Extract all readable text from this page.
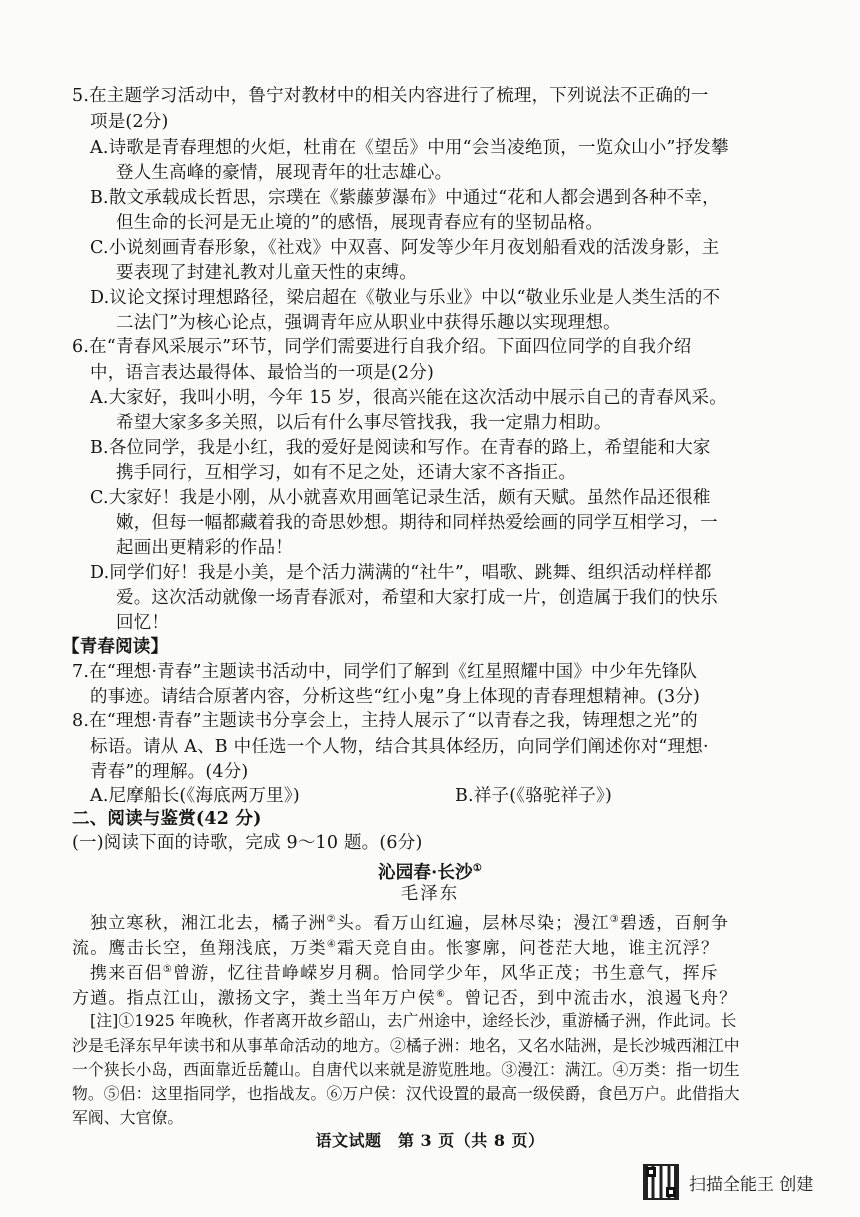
5.在主题学习活动中，鲁宁对教材中的相关内容进行了梳理，下列说法不正确的一
项是(2分)
A.诗歌是青春理想的火炬，杜甫在《望岳》中用“会当凌绝顶，一览众山小”抒发攀
登人生高峰的豪情，展现青年的壮志雄心。
B.散文承载成长哲思，宗璞在《紫藤萝瀑布》中通过“花和人都会遇到各种不幸，
但生命的长河是无止境的”的感悟，展现青春应有的坚韧品格。
C.小说刻画青春形象，《社戏》中双喜、阿发等少年月夜划船看戏的活泼身影，主
要表现了封建礼教对儿童天性的束缚。
D.议论文探讨理想路径，梁启超在《敬业与乐业》中以“敬业乐业是人类生活的不
二法门”为核心论点，强调青年应从职业中获得乐趣以实现理想。
6.在“青春风采展示”环节，同学们需要进行自我介绍。下面四位同学的自我介绍
中，语言表达最得体、最恰当的一项是(2分)
A.大家好，我叫小明，今年 15 岁，很高兴能在这次活动中展示自己的青春风采。
希望大家多多关照，以后有什么事尽管找我，我一定鼎力相助。
B.各位同学，我是小红，我的爱好是阅读和写作。在青春的路上，希望能和大家
携手同行，互相学习，如有不足之处，还请大家不吝指正。
C.大家好！我是小刚，从小就喜欢用画笔记录生活，颇有天赋。虽然作品还很稚
嫩，但每一幅都藏着我的奇思妙想。期待和同样热爱绘画的同学互相学习，一
起画出更精彩的作品！
D.同学们好！我是小美，是个活力满满的“社牛”，唱歌、跳舞、组织活动样样都
爱。这次活动就像一场青春派对，希望和大家打成一片，创造属于我们的快乐
回忆！
【青春阅读】
7.在“理想·青春”主题读书活动中，同学们了解到《红星照耀中国》中少年先锋队
的事迹。请结合原著内容，分析这些“红小鬼”身上体现的青春理想精神。(3分)
8.在“理想·青春”主题读书分享会上，主持人展示了“以青春之我，铸理想之光”的
标语。请从 A、B 中任选一个人物，结合其具体经历，向同学们阐述你对“理想·
青春”的理解。(4分)
A.尼摩船长(《海底两万里》)	B.祥子(《骆驼祥子》)
二、阅读与鉴赏(42 分)
(一)阅读下面的诗歌，完成 9～10 题。(6分)
沁园春·长沙①
毛泽东
独立寒秋，湘江北去，橘子洲②头。看万山红遍，层林尽染；漫江③碧透，百舸争
流。鹰击长空，鱼翔浅底，万类④霜天竞自由。怅寥廓，问苍茫大地，谁主沉浮？
携来百侣⑤曾游，忆往昔峥嵘岁月稠。恰同学少年，风华正茂；书生意气，挥斥
方遒。指点江山，激扬文字，粪土当年万户侯⑥。曾记否，到中流击水，浪遏飞舟？
[注]①1925 年晚秋，作者离开故乡韶山，去广州途中，途经长沙，重游橘子洲，作此词。长
沙是毛泽东早年读书和从事革命活动的地方。②橘子洲：地名，又名水陆洲，是长沙城西湘江中
一个狭长小岛，西面靠近岳麓山。自唐代以来就是游览胜地。③漫江：满江。④万类：指一切生
物。⑤侣：这里指同学，也指战友。⑥万户侯：汉代设置的最高一级侯爵，食邑万户。此借指大
军阀、大官僚。
语文试题　第 3 页（共 8 页）
扫描全能王 创建
